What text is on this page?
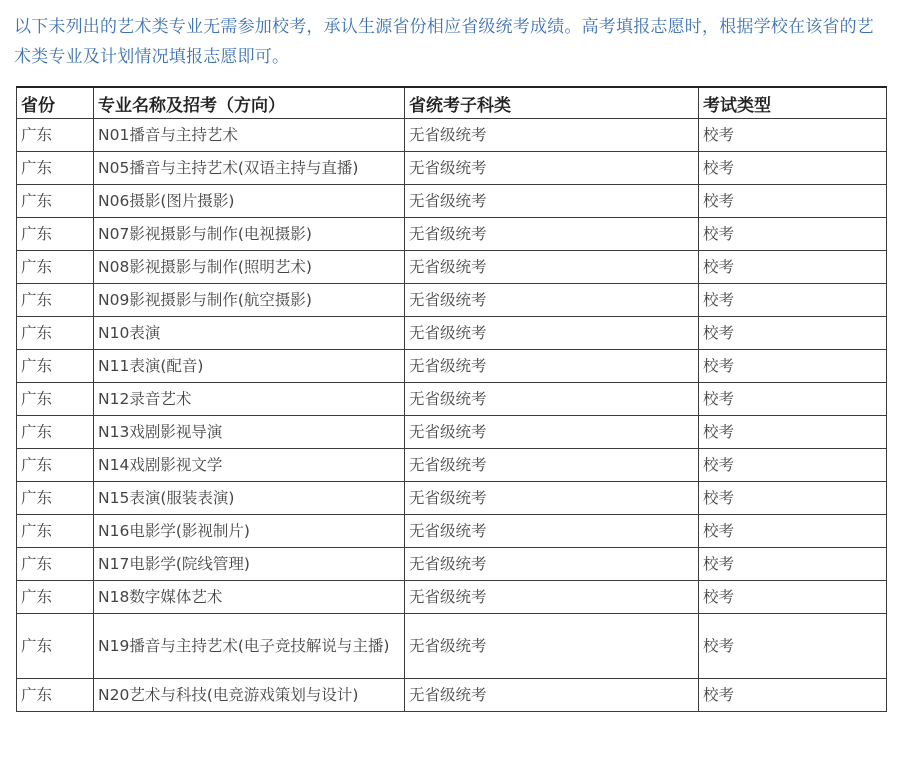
以下未列出的艺术类专业无需参加校考，承认生源省份相应省级统考成绩。高考填报志愿时，根据学校在该省的艺术类专业及计划情况填报志愿即可。

省份	专业名称及招考（方向）	省统考子科类	考试类型
广东	N01播音与主持艺术	无省级统考	校考
广东	N05播音与主持艺术(双语主持与直播)	无省级统考	校考
广东	N06摄影(图片摄影)	无省级统考	校考
广东	N07影视摄影与制作(电视摄影)	无省级统考	校考
广东	N08影视摄影与制作(照明艺术)	无省级统考	校考
广东	N09影视摄影与制作(航空摄影)	无省级统考	校考
广东	N10表演	无省级统考	校考
广东	N11表演(配音)	无省级统考	校考
广东	N12录音艺术	无省级统考	校考
广东	N13戏剧影视导演	无省级统考	校考
广东	N14戏剧影视文学	无省级统考	校考
广东	N15表演(服装表演)	无省级统考	校考
广东	N16电影学(影视制片)	无省级统考	校考
广东	N17电影学(院线管理)	无省级统考	校考
广东	N18数字媒体艺术	无省级统考	校考
广东	N19播音与主持艺术(电子竞技解说与主播)	无省级统考	校考
广东	N20艺术与科技(电竞游戏策划与设计)	无省级统考	校考
